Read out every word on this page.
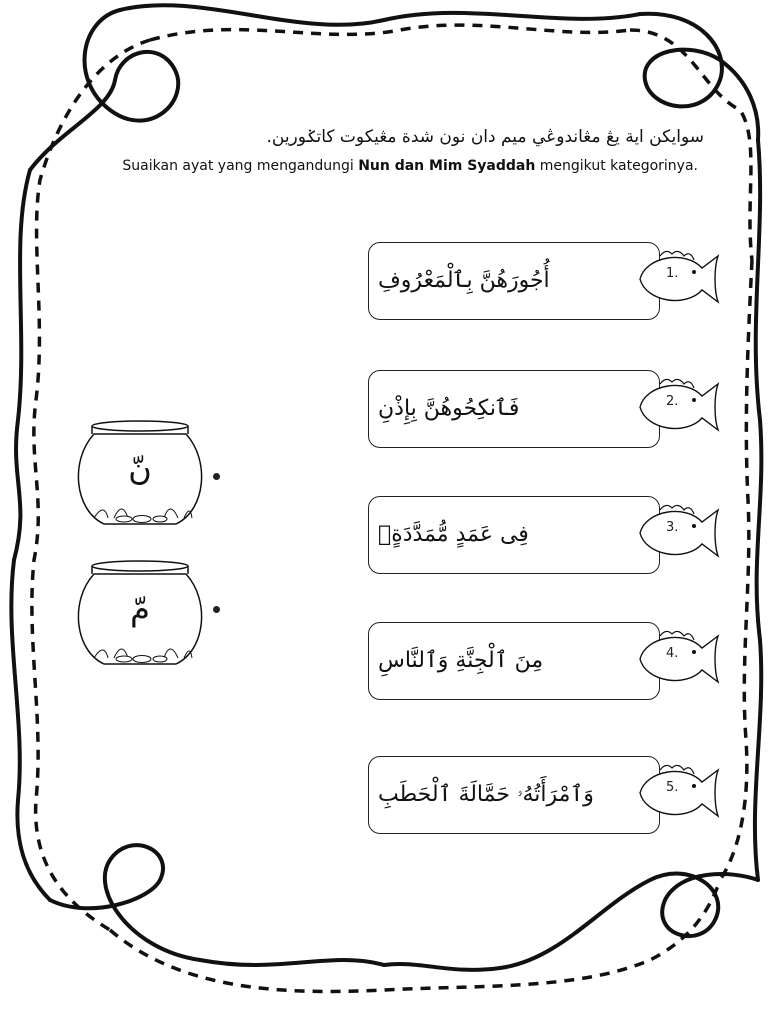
سوايكن اية يڠ مڠاندوڠي ميم دان نون شدة مڠيكوت كاتݢورين.
Suaikan ayat yang mengandungi Nun dan Mim Syaddah mengikut kategorinya.
نّ
مّ
أُجُورَهُنَّ بِٱلْمَعْرُوفِ	1.
فَٱنكِحُوهُنَّ بِإِذْنِ	2.
فِى عَمَدٍ مُّمَدَّدَةٍۭ	3.
مِنَ ٱلْجِنَّةِ وَٱلنَّاسِ	4.
وَٱمْرَأَتُهُۥ حَمَّالَةَ ٱلْحَطَبِ	5.
